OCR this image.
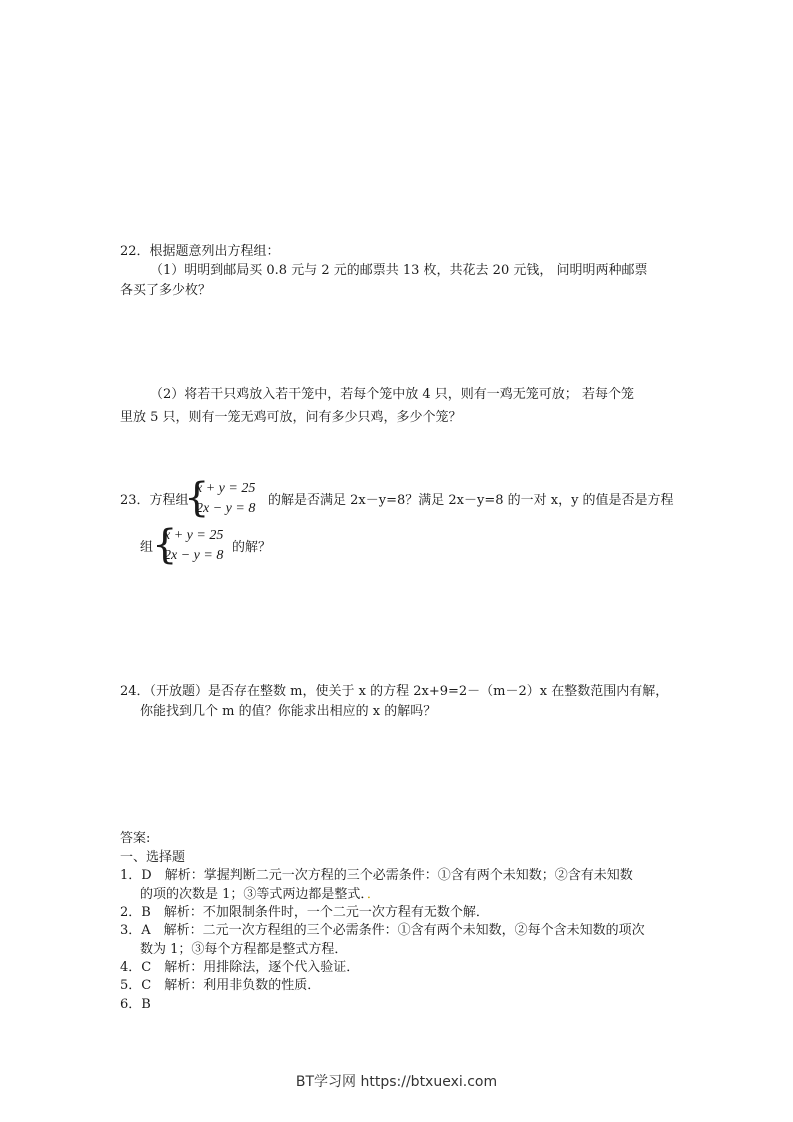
22．根据题意列出方程组：
（1）明明到邮局买 0.8 元与 2 元的邮票共 13 枚，共花去 20 元钱， 问明明两种邮票
各买了多少枚？
（2）将若干只鸡放入若干笼中，若每个笼中放 4 只，则有一鸡无笼可放； 若每个笼
里放 5 只，则有一笼无鸡可放，问有多少只鸡，多少个笼？
23．方程组
{
x + y = 25
2x − y = 8
的解是否满足 2x－y=8？满足 2x－y=8 的一对 x，y 的值是否是方程
组
{
x + y = 25
2x − y = 8
的解？
24．（开放题）是否存在整数 m，使关于 x 的方程 2x+9=2－（m－2）x 在整数范围内有解，
你能找到几个 m 的值？你能求出相应的 x 的解吗？
答案:
一、选择题
1．D　解析：掌握判断二元一次方程的三个必需条件：①含有两个未知数；②含有未知数
的项的次数是 1；③等式两边都是整式．．
2．B　解析：不加限制条件时，一个二元一次方程有无数个解．
3．A　解析：二元一次方程组的三个必需条件：①含有两个未知数，②每个含未知数的项次
数为 1；③每个方程都是整式方程．
4．C　解析：用排除法，逐个代入验证．
5．C　解析：利用非负数的性质．
6．B
BT学习网 https://btxuexi.com
